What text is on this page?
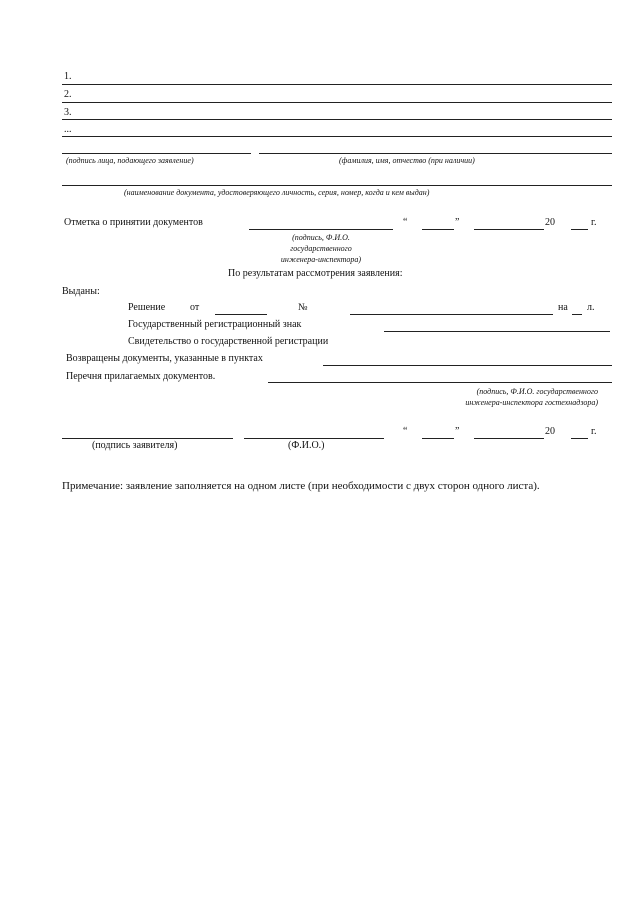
1.
2.
3.
...
(подпись лица, подающего заявление)	(фамилия, имя, отчество (при наличии)
(наименование документа, удостоверяющего личность, серия, номер, когда и кем выдан)
Отметка о принятии документов	“	”	20	г.
(подпись, Ф.И.О.
государственного
инженера-инспектора)
По результатам рассмотрения заявления:
Выданы:
Решение от	№	на л.
Государственный регистрационный знак
Свидетельство о государственной регистрации
Возвращены документы, указанные в пунктах
Перечня прилагаемых документов.
(подпись, Ф.И.О. государственного
инженера-инспектора гостехнадзора)
“	”	20	г.
(подпись заявителя)	(Ф.И.О.)
Примечание: заявление заполняется на одном листе (при необходимости с двух сторон одного листа).
